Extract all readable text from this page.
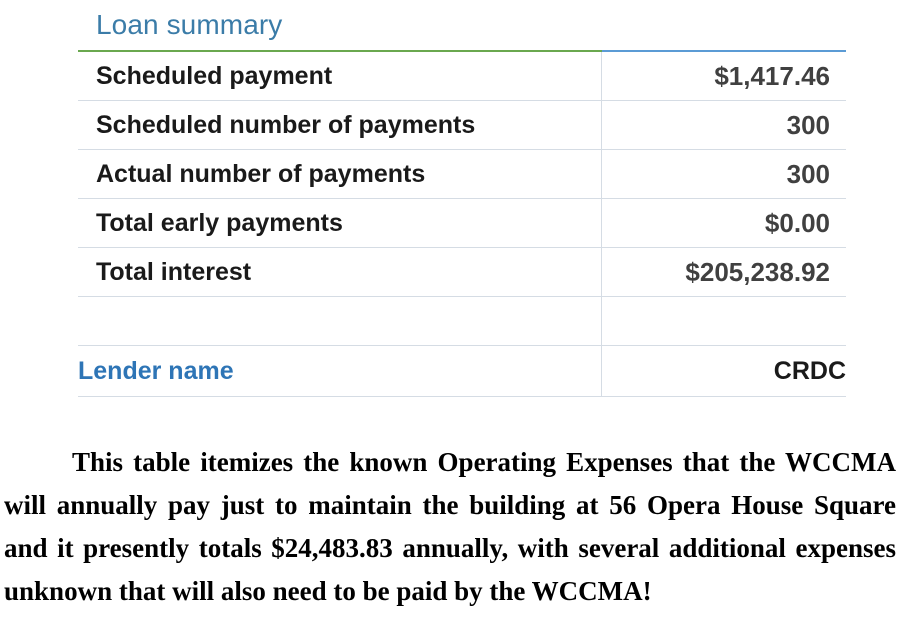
Loan summary	

Scheduled payment	$1,417.46
Scheduled number of payments	300
Actual number of payments	300
Total early payments	$0.00
Total interest	$205,238.92

Lender name	CRDC

This table itemizes the known Operating Expenses that the WCCMA will annually pay just to maintain the building at 56 Opera House Square and it presently totals $24,483.83 annually, with several additional expenses unknown that will also need to be paid by the WCCMA!
